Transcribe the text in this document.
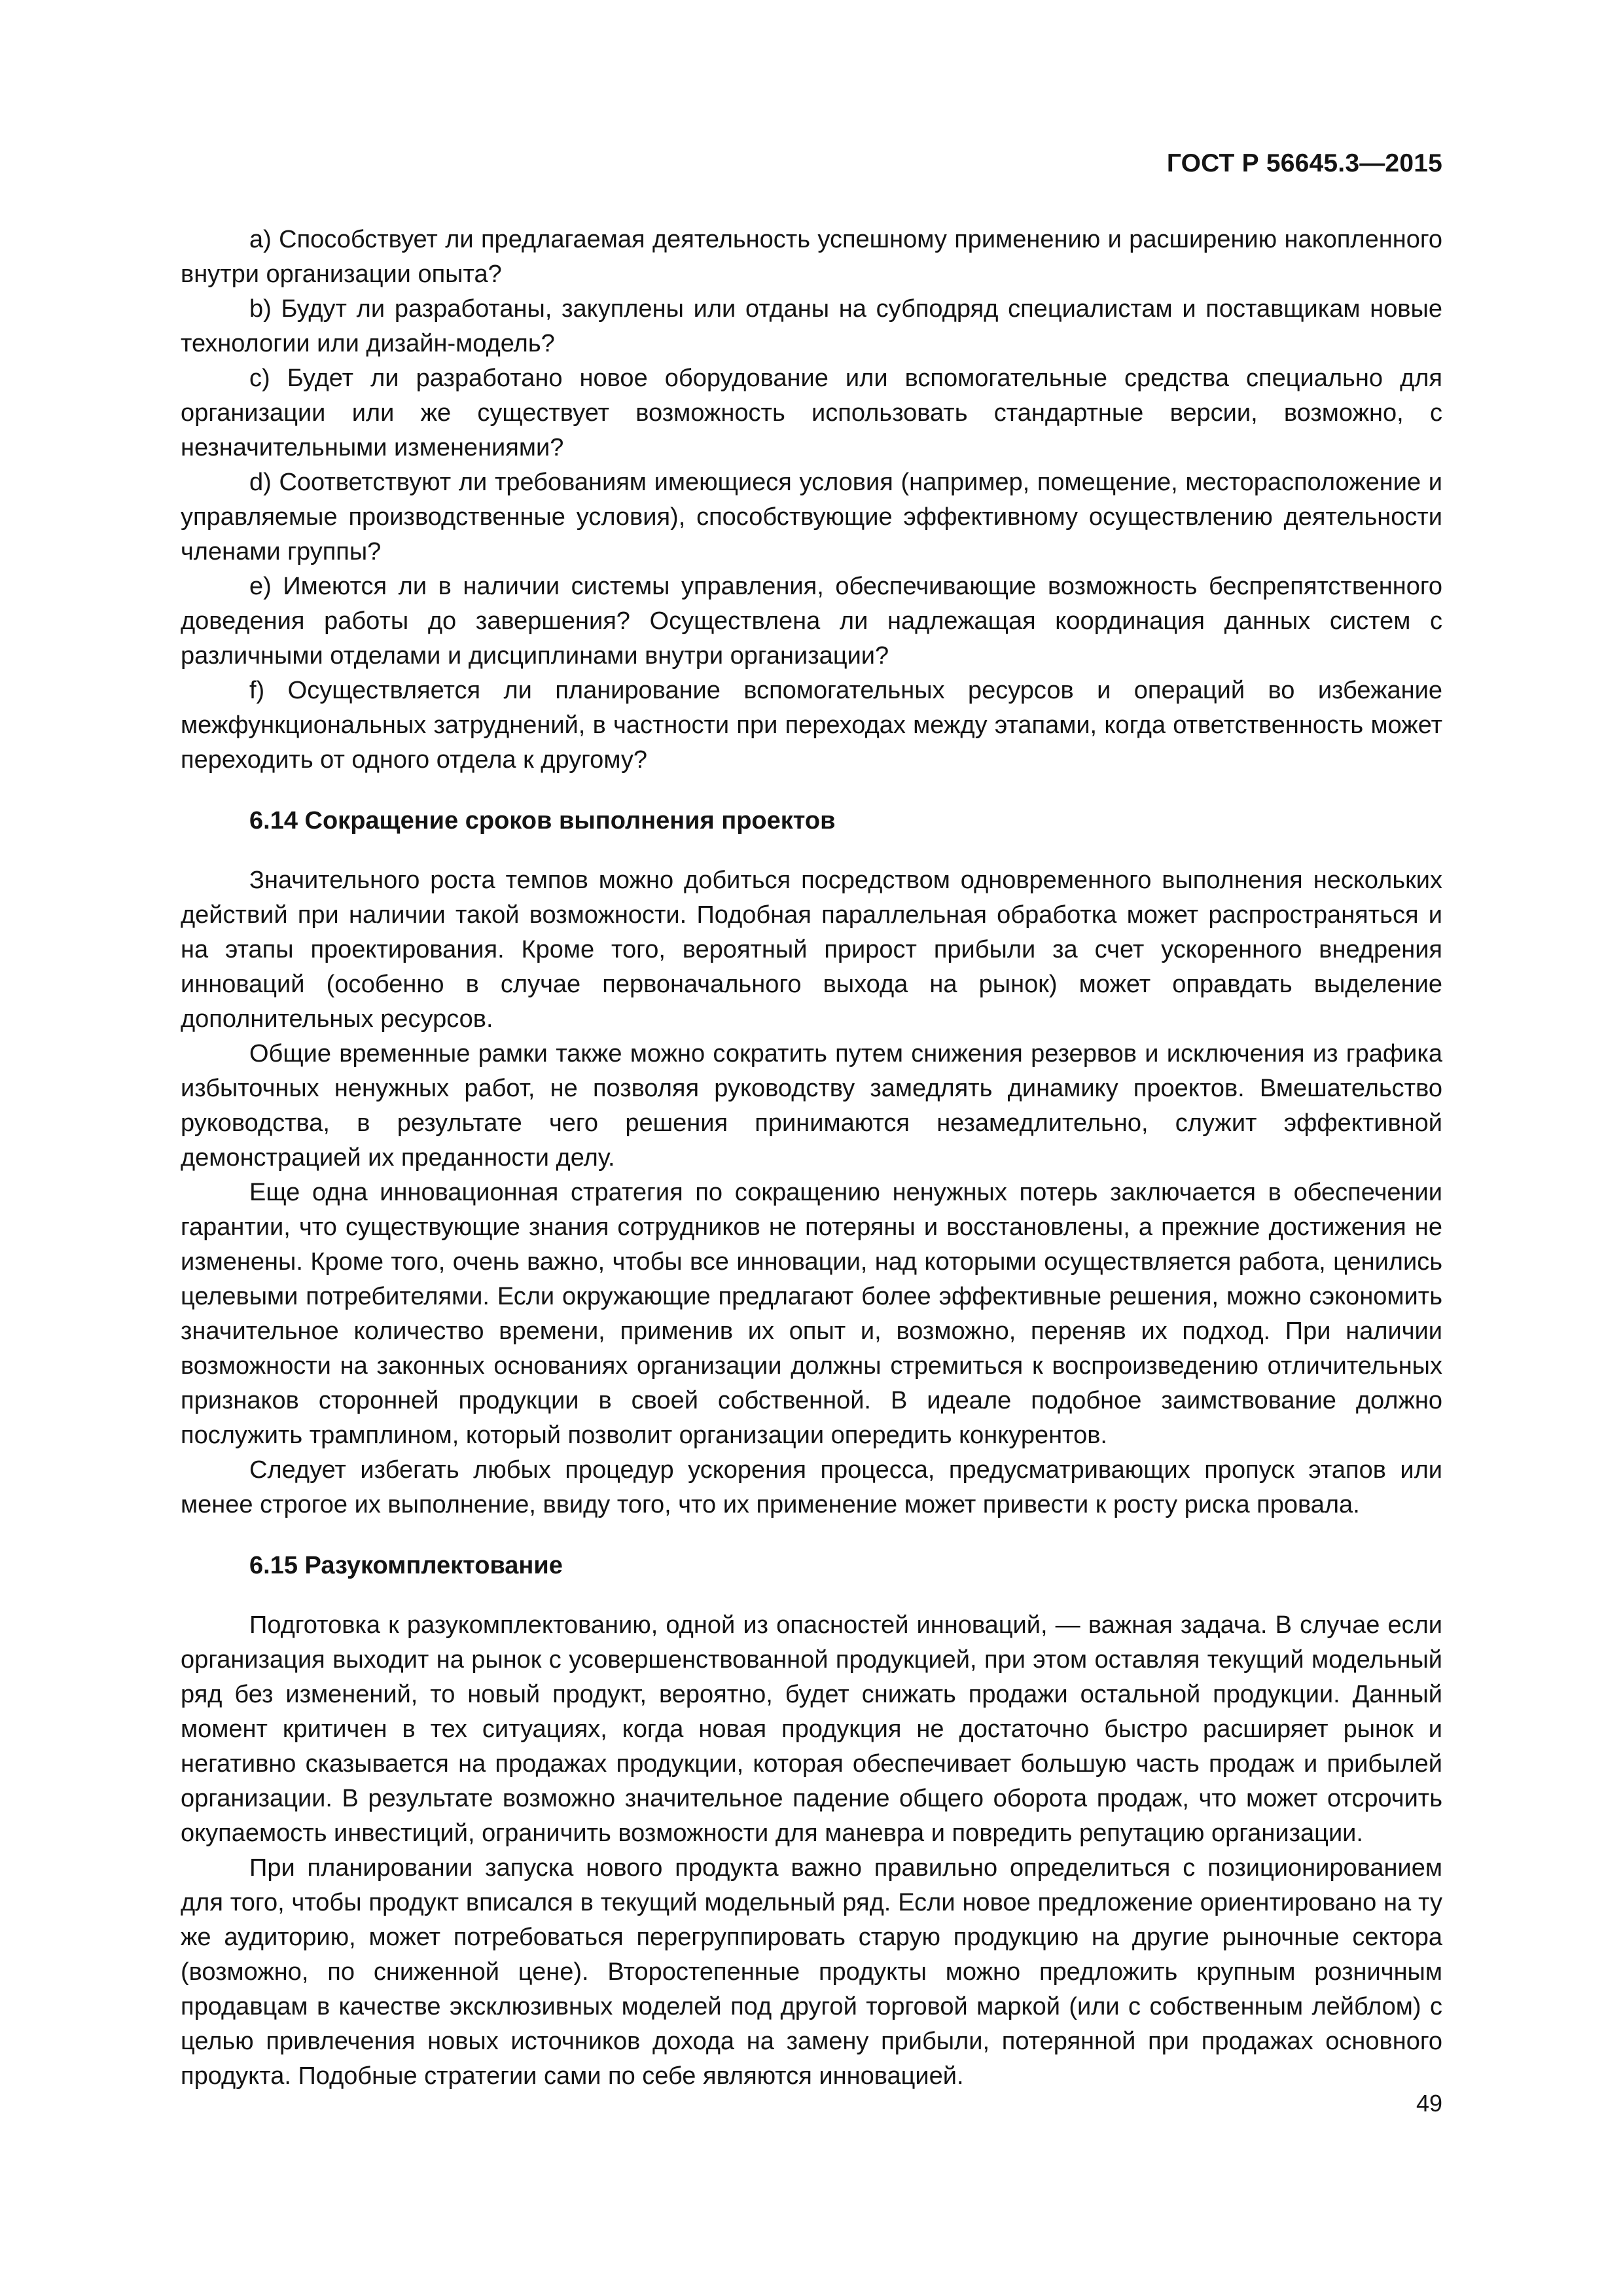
ГОСТ Р 56645.3—2015

a) Способствует ли предлагаемая деятельность успешному применению и расширению накопленного внутри организации опыта?

b) Будут ли разработаны, закуплены или отданы на субподряд специалистам и поставщикам новые технологии или дизайн-модель?

c) Будет ли разработано новое оборудование или вспомогательные средства специально для организации или же существует возможность использовать стандартные версии, возможно, с незначительными изменениями?

d) Соответствуют ли требованиям имеющиеся условия (например, помещение, месторасположение и управляемые производственные условия), способствующие эффективному осуществлению деятельности членами группы?

e) Имеются ли в наличии системы управления, обеспечивающие возможность беспрепятственного доведения работы до завершения? Осуществлена ли надлежащая координация данных систем с различными отделами и дисциплинами внутри организации?

f) Осуществляется ли планирование вспомогательных ресурсов и операций во избежание межфункциональных затруднений, в частности при переходах между этапами, когда ответственность может переходить от одного отдела к другому?

6.14 Сокращение сроков выполнения проектов

Значительного роста темпов можно добиться посредством одновременного выполнения нескольких действий при наличии такой возможности. Подобная параллельная обработка может распространяться и на этапы проектирования. Кроме того, вероятный прирост прибыли за счет ускоренного внедрения инноваций (особенно в случае первоначального выхода на рынок) может оправдать выделение дополнительных ресурсов.

Общие временные рамки также можно сократить путем снижения резервов и исключения из графика избыточных ненужных работ, не позволяя руководству замедлять динамику проектов. Вмешательство руководства, в результате чего решения принимаются незамедлительно, служит эффективной демонстрацией их преданности делу.

Еще одна инновационная стратегия по сокращению ненужных потерь заключается в обеспечении гарантии, что существующие знания сотрудников не потеряны и восстановлены, а прежние достижения не изменены. Кроме того, очень важно, чтобы все инновации, над которыми осуществляется работа, ценились целевыми потребителями. Если окружающие предлагают более эффективные решения, можно сэкономить значительное количество времени, применив их опыт и, возможно, переняв их подход. При наличии возможности на законных основаниях организации должны стремиться к воспроизведению отличительных признаков сторонней продукции в своей собственной. В идеале подобное заимствование должно послужить трамплином, который позволит организации опередить конкурентов.

Следует избегать любых процедур ускорения процесса, предусматривающих пропуск этапов или менее строгое их выполнение, ввиду того, что их применение может привести к росту риска провала.

6.15 Разукомплектование

Подготовка к разукомплектованию, одной из опасностей инноваций, — важная задача. В случае если организация выходит на рынок с усовершенствованной продукцией, при этом оставляя текущий модельный ряд без изменений, то новый продукт, вероятно, будет снижать продажи остальной продукции. Данный момент критичен в тех ситуациях, когда новая продукция не достаточно быстро расширяет рынок и негативно сказывается на продажах продукции, которая обеспечивает большую часть продаж и прибылей организации. В результате возможно значительное падение общего оборота продаж, что может отсрочить окупаемость инвестиций, ограничить возможности для маневра и повредить репутацию организации.

При планировании запуска нового продукта важно правильно определиться с позиционированием для того, чтобы продукт вписался в текущий модельный ряд. Если новое предложение ориентировано на ту же аудиторию, может потребоваться перегруппировать старую продукцию на другие рыночные сектора (возможно, по сниженной цене). Второстепенные продукты можно предложить крупным розничным продавцам в качестве эксклюзивных моделей под другой торговой маркой (или с собственным лейблом) с целью привлечения новых источников дохода на замену прибыли, потерянной при продажах основного продукта. Подобные стратегии сами по себе являются инновацией.

49
